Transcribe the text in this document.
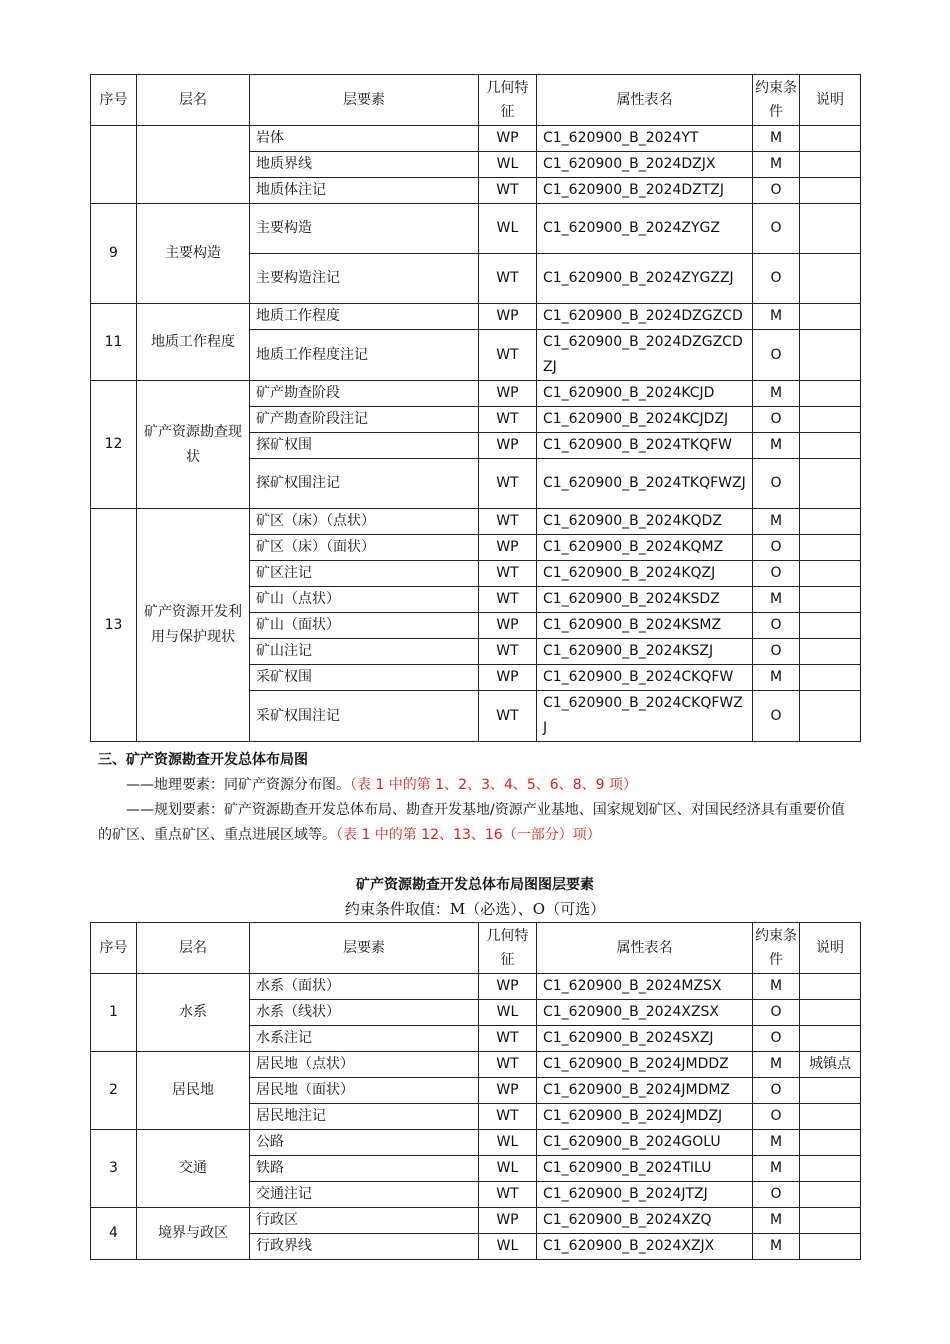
序号	层名	层要素	几何特征	属性表名	约束条件	说明
		岩体	WP	C1_620900_B_2024YT	M	
		地质界线	WL	C1_620900_B_2024DZJX	M	
		地质体注记	WT	C1_620900_B_2024DZTZJ	O	
9	主要构造	主要构造	WL	C1_620900_B_2024ZYGZ	O	
		主要构造注记	WT	C1_620900_B_2024ZYGZZJ	O	
11	地质工作程度	地质工作程度	WP	C1_620900_B_2024DZGZCD	M	
		地质工作程度注记	WT	C1_620900_B_2024DZGZCDZJ	O	
12	矿产资源勘查现状	矿产勘查阶段	WP	C1_620900_B_2024KCJD	M	
		矿产勘查阶段注记	WT	C1_620900_B_2024KCJDZJ	O	
		探矿权围	WP	C1_620900_B_2024TKQFW	M	
		探矿权围注记	WT	C1_620900_B_2024TKQFWZJ	O	
13	矿产资源开发利用与保护现状	矿区（床）（点状）	WT	C1_620900_B_2024KQDZ	M	
		矿区（床）（面状）	WP	C1_620900_B_2024KQMZ	O	
		矿区注记	WT	C1_620900_B_2024KQZJ	O	
		矿山（点状）	WT	C1_620900_B_2024KSDZ	M	
		矿山（面状）	WP	C1_620900_B_2024KSMZ	O	
		矿山注记	WT	C1_620900_B_2024KSZJ	O	
		采矿权围	WP	C1_620900_B_2024CKQFW	M	
		采矿权围注记	WT	C1_620900_B_2024CKQFWZJ	O	
三、矿产资源勘查开发总体布局图
——地理要素：同矿产资源分布图。（表 1 中的第 1、2、3、4、5、6、8、9 项）
——规划要素：矿产资源勘查开发总体布局、勘查开发基地/资源产业基地、国家规划矿区、对国民经济具有重要价值的矿区、重点矿区、重点进展区域等。（表 1 中的第 12、13、16（一部分）项）
矿产资源勘查开发总体布局图图层要素
约束条件取值：M（必选）、O（可选）
序号	层名	层要素	几何特征	属性表名	约束条件	说明
1	水系	水系（面状）	WP	C1_620900_B_2024MZSX	M	
		水系（线状）	WL	C1_620900_B_2024XZSX	O	
		水系注记	WT	C1_620900_B_2024SXZJ	O	
2	居民地	居民地（点状）	WT	C1_620900_B_2024JMDDZ	M	城镇点
		居民地（面状）	WP	C1_620900_B_2024JMDMZ	O	
		居民地注记	WT	C1_620900_B_2024JMDZJ	O	
3	交通	公路	WL	C1_620900_B_2024GOLU	M	
		铁路	WL	C1_620900_B_2024TILU	M	
		交通注记	WT	C1_620900_B_2024JTZJ	O	
4	境界与政区	行政区	WP	C1_620900_B_2024XZQ	M	
		行政界线	WL	C1_620900_B_2024XZJX	M	
